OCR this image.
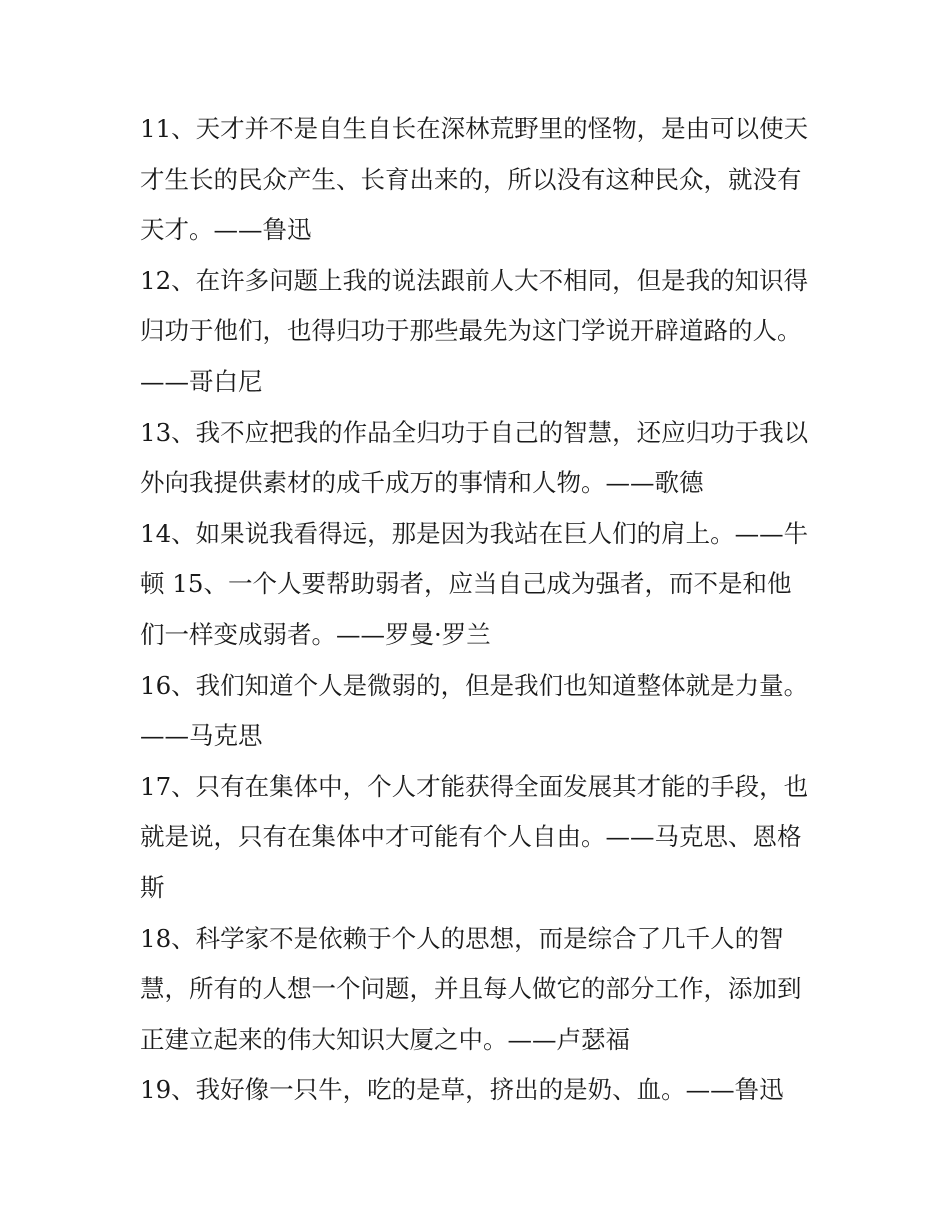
11、天才并不是自生自长在深林荒野里的怪物，是由可以使天
才生长的民众产生、长育出来的，所以没有这种民众，就没有
天才。——鲁迅
12、在许多问题上我的说法跟前人大不相同，但是我的知识得
归功于他们，也得归功于那些最先为这门学说开辟道路的人。
——哥白尼
13、我不应把我的作品全归功于自己的智慧，还应归功于我以
外向我提供素材的成千成万的事情和人物。——歌德
14、如果说我看得远，那是因为我站在巨人们的肩上。——牛
顿 15、一个人要帮助弱者，应当自己成为强者，而不是和他
们一样变成弱者。——罗曼·罗兰
16、我们知道个人是微弱的，但是我们也知道整体就是力量。
——马克思
17、只有在集体中，个人才能获得全面发展其才能的手段，也
就是说，只有在集体中才可能有个人自由。——马克思、恩格
斯
18、科学家不是依赖于个人的思想，而是综合了几千人的智
慧，所有的人想一个问题，并且每人做它的部分工作，添加到
正建立起来的伟大知识大厦之中。——卢瑟福
19、我好像一只牛，吃的是草，挤出的是奶、血。——鲁迅
